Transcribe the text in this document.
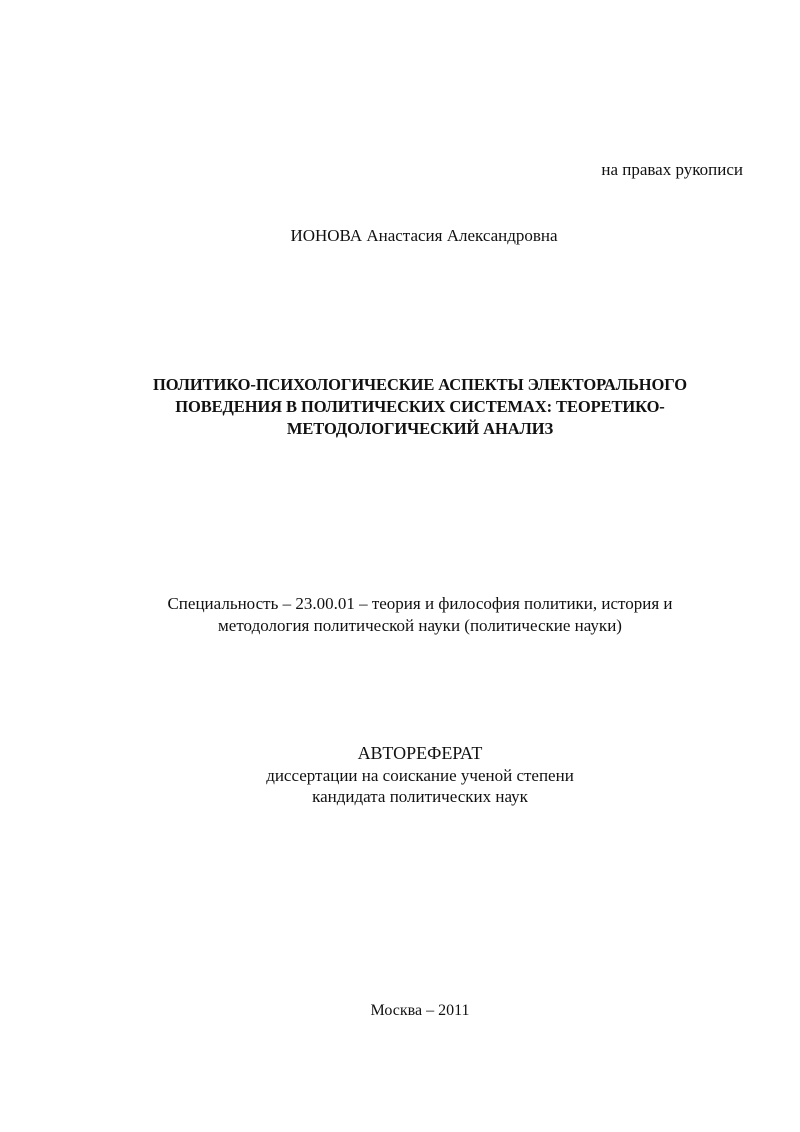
на правах рукописи
ИОНОВА Анастасия Александровна
ПОЛИТИКО-ПСИХОЛОГИЧЕСКИЕ АСПЕКТЫ ЭЛЕКТОРАЛЬНОГО
ПОВЕДЕНИЯ В ПОЛИТИЧЕСКИХ СИСТЕМАХ: ТЕОРЕТИКО-
МЕТОДОЛОГИЧЕСКИЙ АНАЛИЗ
Специальность – 23.00.01 – теория и философия политики, история и
методология политической науки (политические науки)
АВТОРЕФЕРАТ
диссертации на соискание ученой степени
кандидата политических наук
Москва – 2011
